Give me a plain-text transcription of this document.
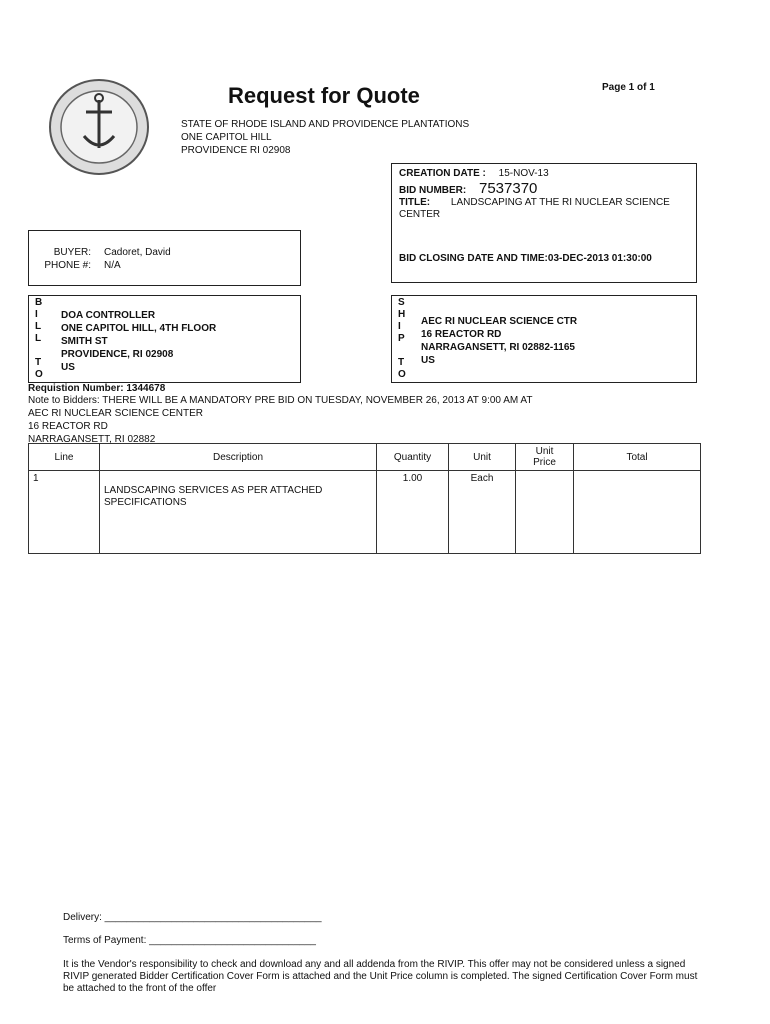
Request for Quote	Page 1 of 1
STATE OF RHODE ISLAND AND PROVIDENCE PLANTATIONS
ONE CAPITOL HILL
PROVIDENCE RI 02908
CREATION DATE : 15-NOV-13
BID NUMBER: 7537370
TITLE: LANDSCAPING AT THE RI NUCLEAR SCIENCE
CENTER
BID CLOSING DATE AND TIME:03-DEC-2013 01:30:00
BUYER: Cadoret, David
PHONE #: N/A
B
I
L
L
T
O
DOA CONTROLLER
ONE CAPITOL HILL, 4TH FLOOR
SMITH ST
PROVIDENCE, RI 02908
US
S
H
I
P
T
O
AEC RI NUCLEAR SCIENCE CTR
16 REACTOR RD
NARRAGANSETT, RI 02882-1165
US
Requistion Number: 1344678
Note to Bidders: THERE WILL BE A MANDATORY PRE BID ON TUESDAY, NOVEMBER 26, 2013 AT 9:00 AM AT
AEC RI NUCLEAR SCIENCE CENTER
16 REACTOR RD
NARRAGANSETT, RI 02882
Line	Description	Quantity	Unit	Unit
Price	Total
1	LANDSCAPING SERVICES AS PER ATTACHED
SPECIFICATIONS	1.00	Each		
Delivery: _______________________________________
Terms of Payment: ______________________________
It is the Vendor's responsibility to check and download any and all addenda from the RIVIP. This offer may not be considered unless a signed
RIVIP generated Bidder Certification Cover Form is attached and the Unit Price column is completed. The signed Certification Cover Form must
be attached to the front of the offer
